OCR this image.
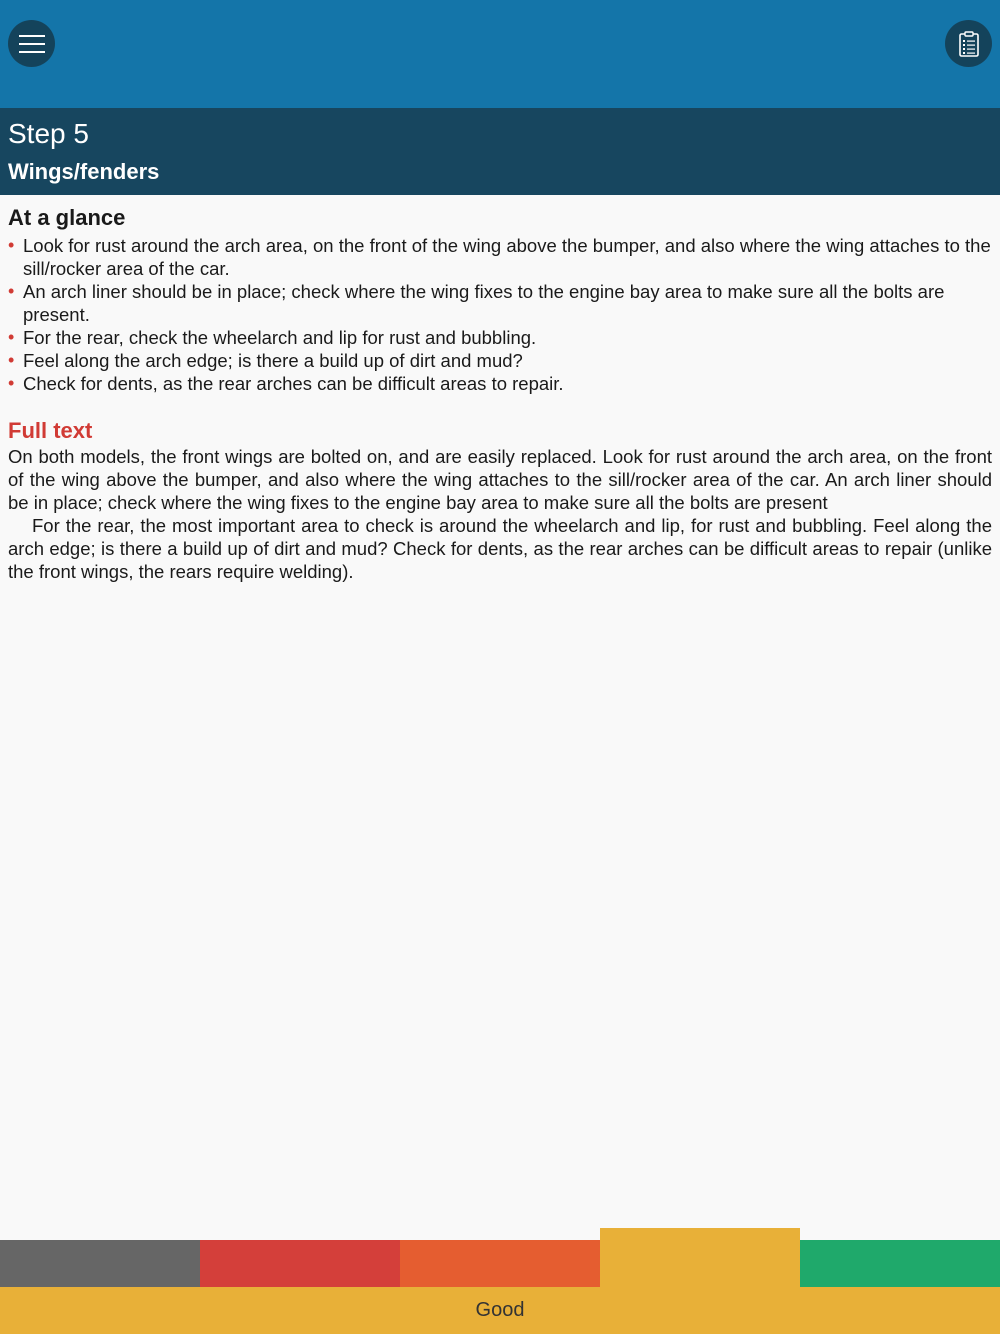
Step 5
Wings/fenders
At a glance
• Look for rust around the arch area, on the front of the wing above the bumper, and also where the wing attaches to the sill/rocker area of the car.
• An arch liner should be in place; check where the wing fixes to the engine bay area to make sure all the bolts are present.
• For the rear, check the wheelarch and lip for rust and bubbling.
• Feel along the arch edge; is there a build up of dirt and mud?
• Check for dents, as the rear arches can be difficult areas to repair.
Full text

On both models, the front wings are bolted on, and are easily replaced. Look for rust around the arch area, on the front of the wing above the bumper, and also where the wing attaches to the sill/rocker area of the car. An arch liner should be in place; check where the wing fixes to the engine bay area to make sure all the bolts are present

For the rear, the most important area to check is around the wheelarch and lip, for rust and bubbling. Feel along the arch edge; is there a build up of dirt and mud? Check for dents, as the rear arches can be difficult areas to repair (unlike the front wings, the rears require welding).

Good
